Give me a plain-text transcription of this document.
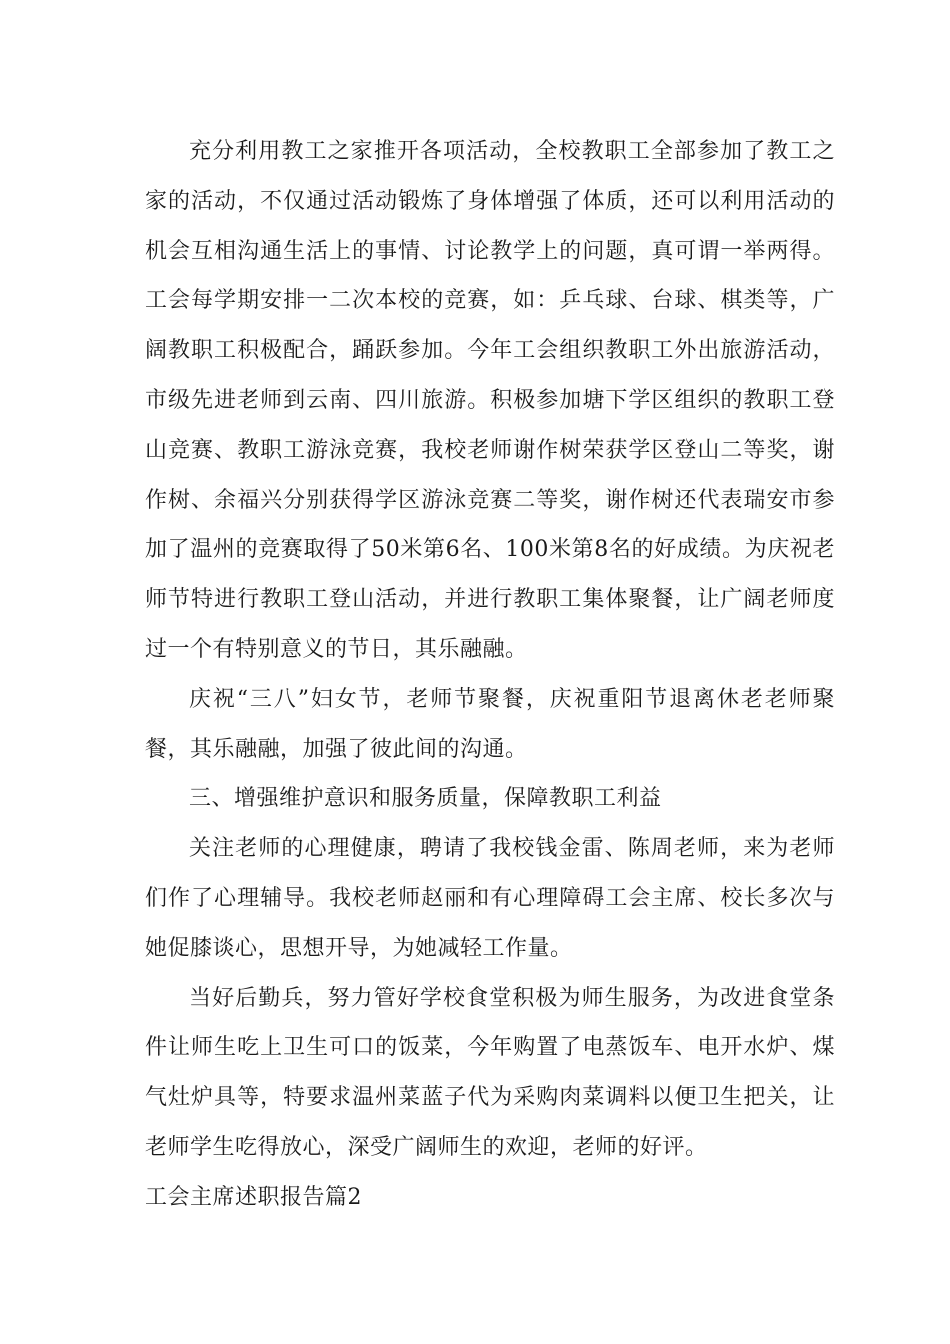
充分利用教工之家推开各项活动，全校教职工全部参加了教工之家的活动，不仅通过活动锻炼了身体增强了体质，还可以利用活动的机会互相沟通生活上的事情、讨论教学上的问题，真可谓一举两得。工会每学期安排一二次本校的竞赛，如：乒乓球、台球、棋类等，广阔教职工积极配合，踊跃参加。今年工会组织教职工外出旅游活动，市级先进老师到云南、四川旅游。积极参加塘下学区组织的教职工登山竞赛、教职工游泳竞赛，我校老师谢作树荣获学区登山二等奖，谢作树、余福兴分别获得学区游泳竞赛二等奖，谢作树还代表瑞安市参加了温州的竞赛取得了50米第6名、100米第8名的好成绩。为庆祝老师节特进行教职工登山活动，并进行教职工集体聚餐，让广阔老师度过一个有特别意义的节日，其乐融融。

庆祝“三八”妇女节，老师节聚餐，庆祝重阳节退离休老老师聚餐，其乐融融，加强了彼此间的沟通。

三、增强维护意识和服务质量，保障教职工利益

关注老师的心理健康，聘请了我校钱金雷、陈周老师，来为老师们作了心理辅导。我校老师赵丽和有心理障碍工会主席、校长多次与她促膝谈心，思想开导，为她减轻工作量。

当好后勤兵，努力管好学校食堂积极为师生服务，为改进食堂条件让师生吃上卫生可口的饭菜，今年购置了电蒸饭车、电开水炉、煤气灶炉具等，特要求温州菜蓝子代为采购肉菜调料以便卫生把关，让老师学生吃得放心，深受广阔师生的欢迎，老师的好评。

工会主席述职报告篇2
